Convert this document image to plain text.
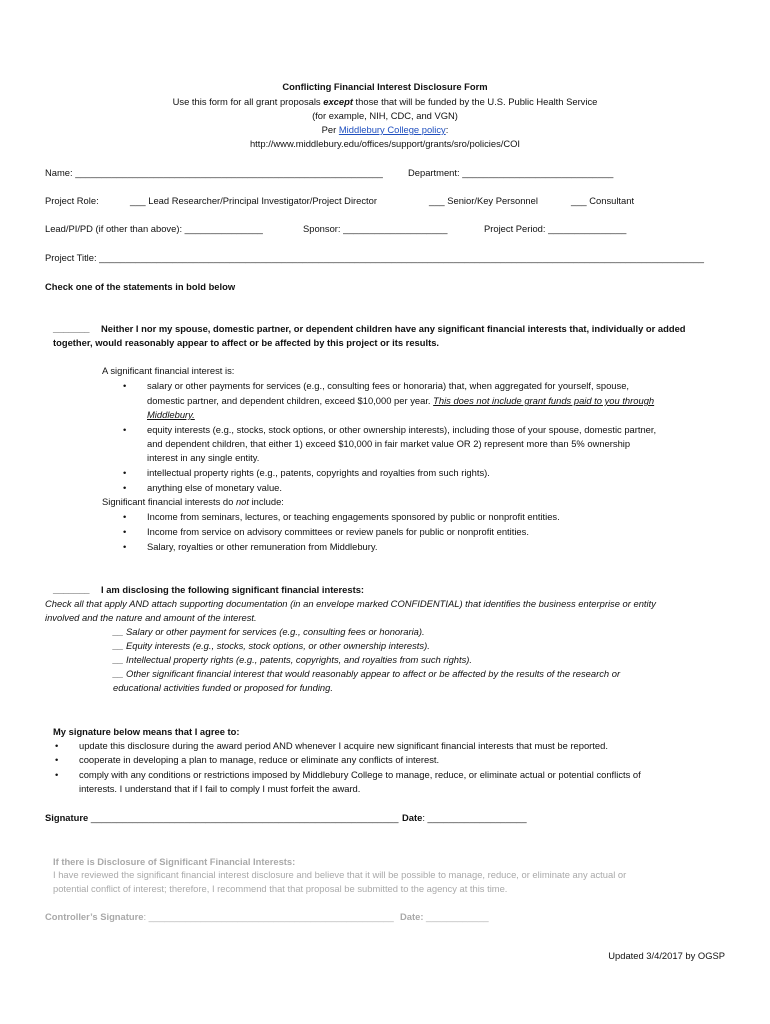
Conflicting Financial Interest Disclosure Form
Use this form for all grant proposals except those that will be funded by the U.S. Public Health Service
(for example, NIH, CDC, and VGN)
Per Middlebury College policy:
http://www.middlebury.edu/offices/support/grants/sro/policies/COI
Name: ___________________________________________________________	Department: _____________________________
Project Role:	___ Lead Researcher/Principal Investigator/Project Director	___ Senior/Key Personnel	___ Consultant
Lead/PI/PD (if other than above): _______________	Sponsor: ____________________	Project Period: _______________
Project Title: ____________________________________________________________________________________________________________________
Check one of the statements in bold below
_______ Neither I nor my spouse, domestic partner, or dependent children have any significant financial interests that, individually or added
together, would reasonably appear to affect or be affected by this project or its results.
A significant financial interest is:
• salary or other payments for services (e.g., consulting fees or honoraria) that, when aggregated for yourself, spouse,
domestic partner, and dependent children, exceed $10,000 per year. This does not include grant funds paid to you through
Middlebury.
• equity interests (e.g., stocks, stock options, or other ownership interests), including those of your spouse, domestic partner,
and dependent children, that either 1) exceed $10,000 in fair market value OR 2) represent more than 5% ownership
interest in any single entity.
• intellectual property rights (e.g., patents, copyrights and royalties from such rights).
• anything else of monetary value.
Significant financial interests do not include:
• Income from seminars, lectures, or teaching engagements sponsored by public or nonprofit entities.
• Income from service on advisory committees or review panels for public or nonprofit entities.
• Salary, royalties or other remuneration from Middlebury.
_______ I am disclosing the following significant financial interests:
Check all that apply AND attach supporting documentation (in an envelope marked CONFIDENTIAL) that identifies the business enterprise or entity
involved and the nature and amount of the interest.
__ Salary or other payment for services (e.g., consulting fees or honoraria).
__ Equity interests (e.g., stocks, stock options, or other ownership interests).
__ Intellectual property rights (e.g., patents, copyrights, and royalties from such rights).
__ Other significant financial interest that would reasonably appear to affect or be affected by the results of the research or
educational activities funded or proposed for funding.
My signature below means that I agree to:
• update this disclosure during the award period AND whenever I acquire new significant financial interests that must be reported.
• cooperate in developing a plan to manage, reduce or eliminate any conflicts of interest.
• comply with any conditions or restrictions imposed by Middlebury College to manage, reduce, or eliminate actual or potential conflicts of
interests. I understand that if I fail to comply I must forfeit the award.
Signature ___________________________________________________________ Date: ___________________
If there is Disclosure of Significant Financial Interests:
I have reviewed the significant financial interest disclosure and believe that it will be possible to manage, reduce, or eliminate any actual or
potential conflict of interest; therefore, I recommend that that proposal be submitted to the agency at this time.
Controller’s Signature: _______________________________________________ Date: ____________
Updated 3/4/2017 by OGSP
